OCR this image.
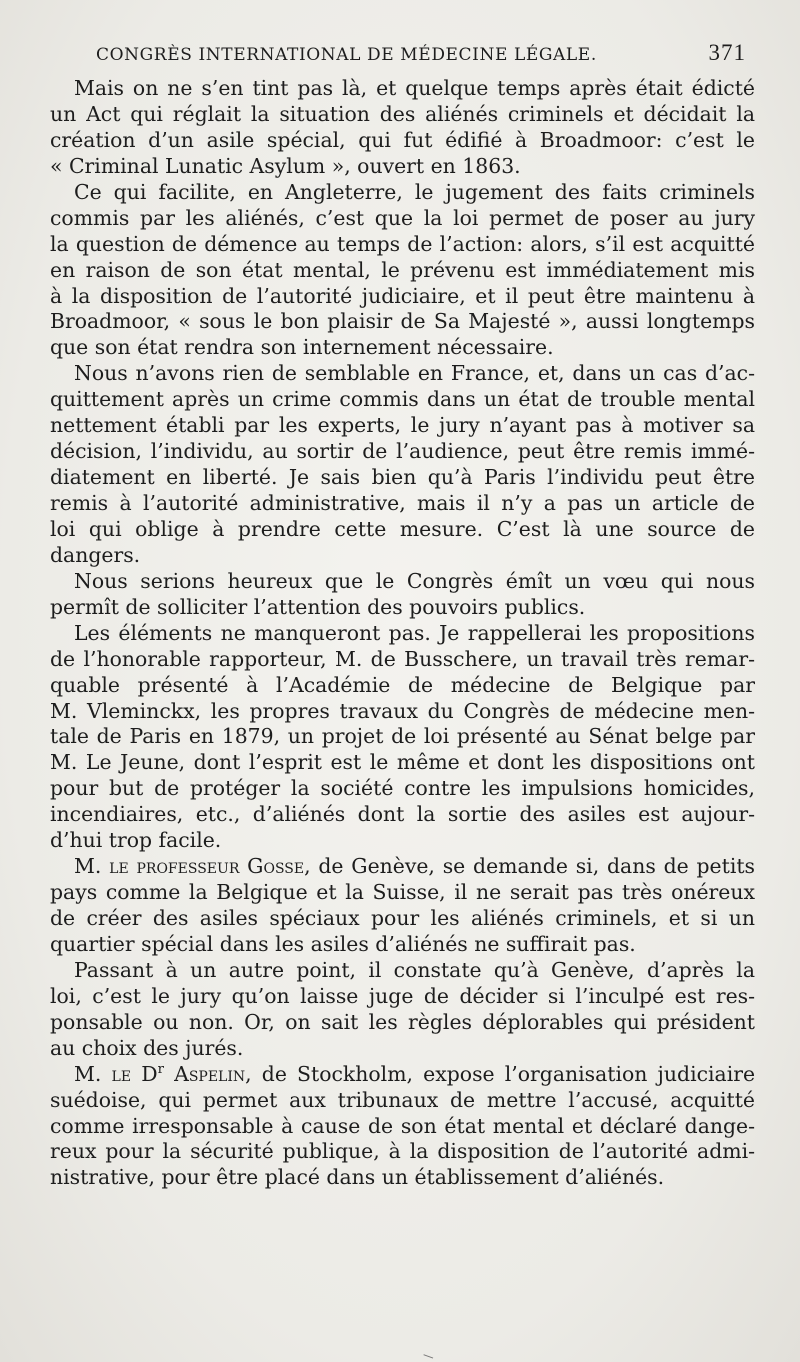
CONGRÈS INTERNATIONAL DE MÉDECINE LÉGALE.	371
Mais on ne s’en tint pas là, et quelque temps après était édicté
un Act qui réglait la situation des aliénés criminels et décidait la
création d’un asile spécial, qui fut édifié à Broadmoor: c’est le
« Criminal Lunatic Asylum », ouvert en 1863.
Ce qui facilite, en Angleterre, le jugement des faits criminels
commis par les aliénés, c’est que la loi permet de poser au jury
la question de démence au temps de l’action: alors, s’il est acquitté
en raison de son état mental, le prévenu est immédiatement mis
à la disposition de l’autorité judiciaire, et il peut être maintenu à
Broadmoor, « sous le bon plaisir de Sa Majesté », aussi longtemps
que son état rendra son internement nécessaire.
Nous n’avons rien de semblable en France, et, dans un cas d’ac-
quittement après un crime commis dans un état de trouble mental
nettement établi par les experts, le jury n’ayant pas à motiver sa
décision, l’individu, au sortir de l’audience, peut être remis immé-
diatement en liberté. Je sais bien qu’à Paris l’individu peut être
remis à l’autorité administrative, mais il n’y a pas un article de
loi qui oblige à prendre cette mesure. C’est là une source de
dangers.
Nous serions heureux que le Congrès émît un vœu qui nous
permît de solliciter l’attention des pouvoirs publics.
Les éléments ne manqueront pas. Je rappellerai les propositions
de l’honorable rapporteur, M. de Busschere, un travail très remar-
quable présenté à l’Académie de médecine de Belgique par
M. Vleminckx, les propres travaux du Congrès de médecine men-
tale de Paris en 1879, un projet de loi présenté au Sénat belge par
M. Le Jeune, dont l’esprit est le même et dont les dispositions ont
pour but de protéger la société contre les impulsions homicides,
incendiaires, etc., d’aliénés dont la sortie des asiles est aujour-
d’hui trop facile.
M. le professeur Gosse, de Genève, se demande si, dans de petits
pays comme la Belgique et la Suisse, il ne serait pas très onéreux
de créer des asiles spéciaux pour les aliénés criminels, et si un
quartier spécial dans les asiles d’aliénés ne suffirait pas.
Passant à un autre point, il constate qu’à Genève, d’après la
loi, c’est le jury qu’on laisse juge de décider si l’inculpé est res-
ponsable ou non. Or, on sait les règles déplorables qui président
au choix des jurés.
M. le $D^r$ Aspelin, de Stockholm, expose l’organisation judiciaire
suédoise, qui permet aux tribunaux de mettre l’accusé, acquitté
comme irresponsable à cause de son état mental et déclaré dange-
reux pour la sécurité publique, à la disposition de l’autorité admi-
nistrative, pour être placé dans un établissement d’aliénés.
